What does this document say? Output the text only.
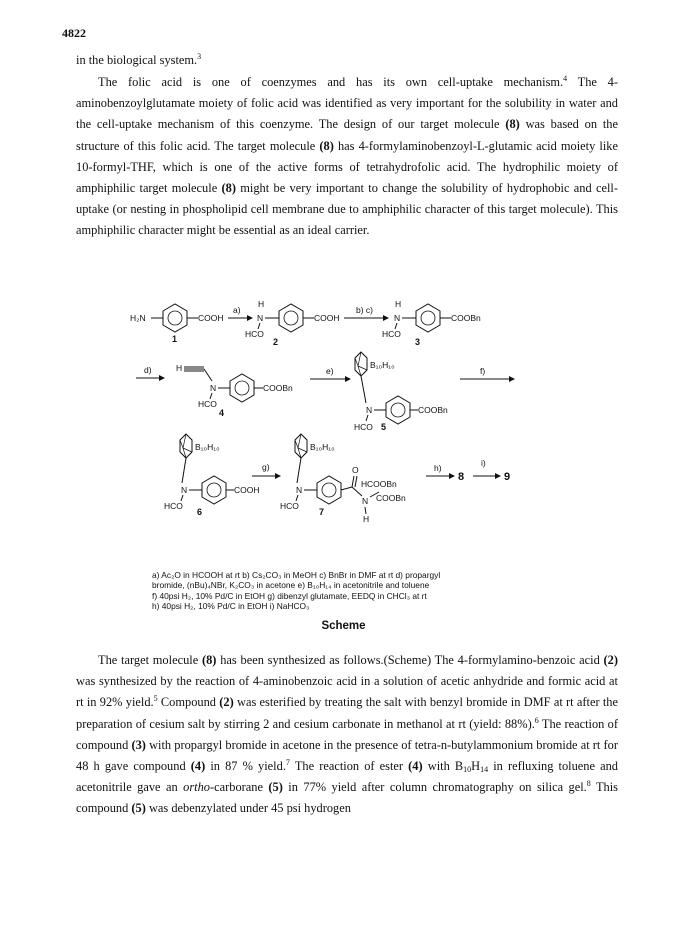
4822

in the biological system.$^3$

The folic acid is one of coenzymes and has its own cell-uptake mechanism.$^4$ The 4-aminobenzoylglutamate moiety of folic acid was identified as very important for the solubility in water and the cell-uptake mechanism of this coenzyme. The design of our target molecule (8) was based on the structure of this folic acid. The target molecule (8) has 4-formylaminobenzoyl-L-glutamic acid moiety like 10-formyl-THF, which is one of the active forms of tetrahydrofolic acid. The hydrophilic moiety of amphiphilic target molecule (8) might be very important to change the solubility of hydrophobic and cell-uptake (or nesting in phospholipid cell membrane due to amphiphilic character of this target molecule). This amphiphilic character might be essential as an ideal carrier.

H₂N	COOH
1
a)
H
N
HCO
COOH
2
b) c)
H
N
HCO
COOBn
3
d)	H
N
HCO
COOBn
4
e)
B₁₀H₁₀
N
HCO
COOBn
5
f)
B₁₀H₁₀
N
HCO
COOH
6
g)
B₁₀H₁₀
N
HCO
O
H COOBn
N COOBn
H
7
h)
8
i)
9
a) Ac₂O in HCOOH at rt b) Cs₂CO₃ in MeOH c) BnBr in DMF at rt d) propargyl
bromide, (nBu)₄NBr, K₂CO₃ in acetone e) B₁₀H₁₄ in acetonitrile and toluene
f) 40psi H₂, 10% Pd/C in EtOH g) dibenzyl glutamate, EEDQ in CHCl₃ at rt
h) 40psi H₂, 10% Pd/C in EtOH i) NaHCO₃
Scheme

The target molecule (8) has been synthesized as follows.(Scheme) The 4-formylamino-benzoic acid (2) was synthesized by the reaction of 4-aminobenzoic acid in a solution of acetic anhydride and formic acid at rt in 92% yield.$^5$ Compound (2) was esterified by treating the salt with benzyl bromide in DMF at rt after the preparation of cesium salt by stirring 2 and cesium carbonate in methanol at rt (yield: 88%).$^6$ The reaction of compound (3) with propargyl bromide in acetone in the presence of tetra-n-butylammonium bromide at rt for 48 h gave compound (4) in 87 % yield.$^7$ The reaction of ester (4) with $B_{10}H_{14}$ in refluxing toluene and acetonitrile gave an ortho-carborane (5) in 77% yield after column chromatography on silica gel.$^8$ This compound (5) was debenzylated under 45 psi hydrogen
